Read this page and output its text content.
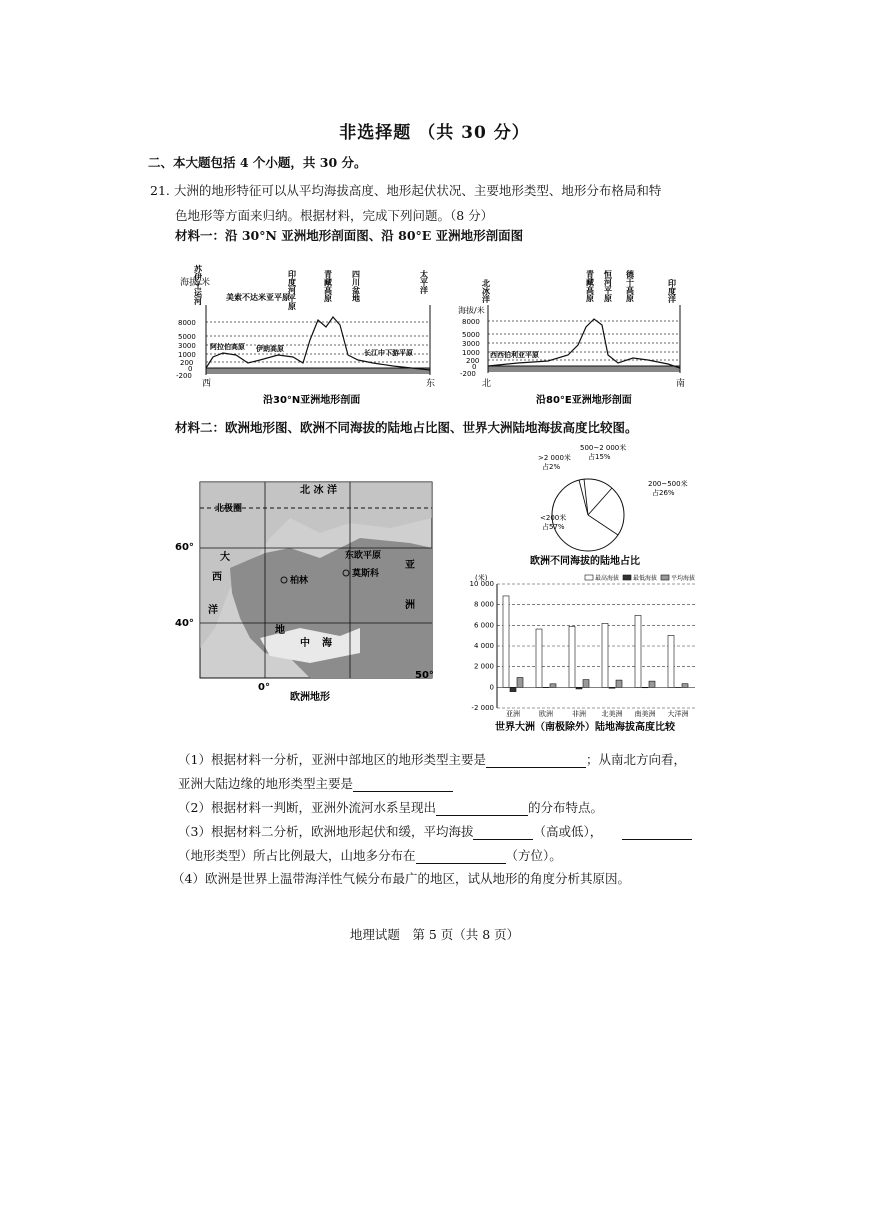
非选择题 （共 30 分）
二、本大题包括 4 个小题，共 30 分。
21. 大洲的地形特征可以从平均海拔高度、地形起伏状况、主要地形类型、地形分布格局和特
色地形等方面来归纳。根据材料，完成下列问题。（8 分）
材料一：沿 30°N 亚洲地形剖面图、沿 80°E 亚洲地形剖面图
海拔/米
8000
5000
3000
1000
200
0
-200
西	东
苏伊士运河	美索不达米亚平原
印度河平原	青藏高原 四川盆地	太平洋
阿拉伯高原 伊朗高原	长江中下游平原
沿30°N亚洲地形剖面
海拔/米
8000
5000
3000
1000
200
0
-200
北	南
北冰洋	青藏高原 恒河平原 德干高原	印度洋
西西伯利亚平原
沿80°E亚洲地形剖面
材料二：欧洲地形图、欧洲不同海拔的陆地占比图、世界大洲陆地海拔高度比较图。
60°
40°
0°
50°
北 冰 洋
北极圈
大
西
洋
东欧平原
莫斯科
柏林
亚
洲
地
中 海
欧洲地形
<200米
占57%
>2 000米
占2%
500~2 000米
占15%
200~500米
占26%
欧洲不同海拔的陆地占比
(米)	最高海拔 最低海拔 平均海拔
10 000
8 000
6 000
4 000
2 000
0
-2 000
亚洲	欧洲	非洲 北美洲 南美洲 大洋洲
世界大洲（南极除外）陆地海拔高度比较
（1）根据材料一分析，亚洲中部地区的地形类型主要是	；从南北方向看，
亚洲大陆边缘的地形类型主要是
（2）根据材料一判断，亚洲外流河水系呈现出	的分布特点。
（3）根据材料二分析，欧洲地形起伏和缓，平均海拔	（高或低），
（地形类型）所占比例最大，山地多分布在	（方位）。
（4）欧洲是世界上温带海洋性气候分布最广的地区，试从地形的角度分析其原因。
地理试题　第 5 页（共 8 页）
